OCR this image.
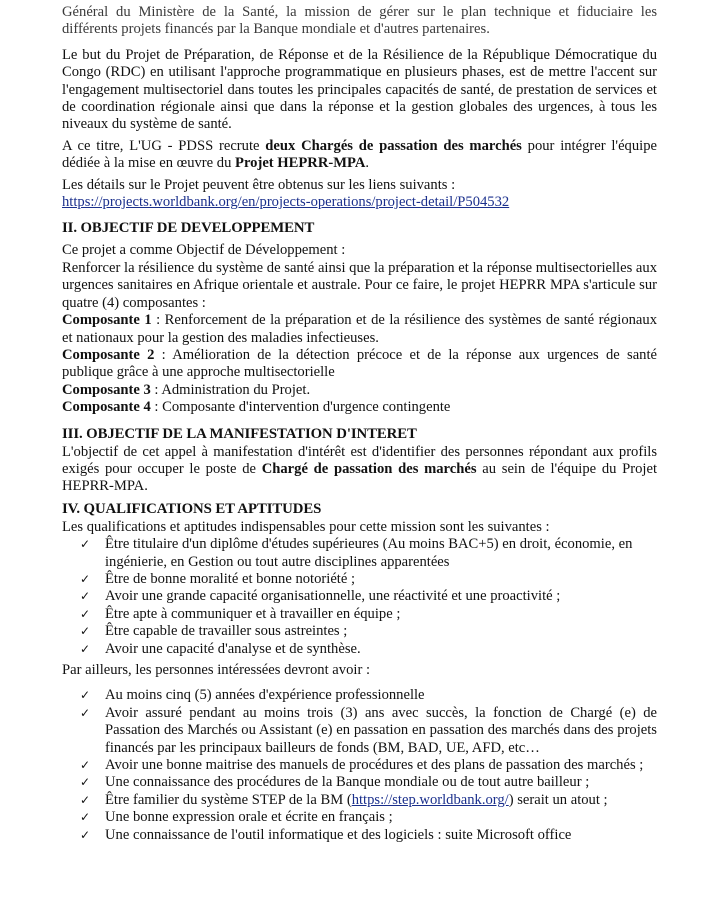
Général du Ministère de la Santé, la mission de gérer sur le plan technique et fiduciaire les

différents projets financés par la Banque mondiale et d'autres partenaires.

Le but du Projet de Préparation, de Réponse et de la Résilience de la République Démocratique du Congo (RDC) en utilisant l'approche programmatique en plusieurs phases, est de mettre l'accent sur l'engagement multisectoriel dans toutes les principales capacités de santé, de prestation de services et de coordination régionale ainsi que dans la réponse et la gestion globales des urgences, à tous les niveaux du système de santé.

A ce titre, L'UG - PDSS recrute deux Chargés de passation des marchés pour intégrer l'équipe dédiée à la mise en œuvre du Projet HEPRR-MPA.

Les détails sur le Projet peuvent être obtenus sur les liens suivants :

https://projects.worldbank.org/en/projects-operations/project-detail/P504532

II. OBJECTIF DE DEVELOPPEMENT

Ce projet a comme Objectif de Développement :

Renforcer la résilience du système de santé ainsi que la préparation et la réponse multisectorielles aux urgences sanitaires en Afrique orientale et australe. Pour ce faire, le projet HEPRR MPA s'articule sur quatre (4) composantes :

Composante 1 : Renforcement de la préparation et de la résilience des systèmes de santé régionaux et nationaux pour la gestion des maladies infectieuses.

Composante 2 : Amélioration de la détection précoce et de la réponse aux urgences de santé publique grâce à une approche multisectorielle

Composante 3 : Administration du Projet.

Composante 4 : Composante d'intervention d'urgence contingente

III. OBJECTIF DE LA MANIFESTATION D'INTERET

L'objectif de cet appel à manifestation d'intérêt est d'identifier des personnes répondant aux profils exigés pour occuper le poste de Chargé de passation des marchés au sein de l'équipe du Projet HEPRR-MPA.

IV. QUALIFICATIONS ET APTITUDES

Les qualifications et aptitudes indispensables pour cette mission sont les suivantes :

✓ Être titulaire d'un diplôme d'études supérieures (Au moins BAC+5) en droit, économie, en ingénierie, en Gestion ou tout autre disciplines apparentées
✓ Être de bonne moralité et bonne notoriété ;
✓ Avoir une grande capacité organisationnelle, une réactivité et une proactivité ;
✓ Être apte à communiquer et à travailler en équipe ;
✓ Être capable de travailler sous astreintes ;
✓ Avoir une capacité d'analyse et de synthèse.

Par ailleurs, les personnes intéressées devront avoir :

✓ Au moins cinq (5) années d'expérience professionnelle
✓ Avoir assuré pendant au moins trois (3) ans avec succès, la fonction de Chargé (e) de Passation des Marchés ou Assistant (e) en passation en passation des marchés dans des projets financés par les principaux bailleurs de fonds (BM, BAD, UE, AFD, etc…
✓ Avoir une bonne maitrise des manuels de procédures et des plans de passation des marchés ;
✓ Une connaissance des procédures de la Banque mondiale ou de tout autre bailleur ;
✓ Être familier du système STEP de la BM (https://step.worldbank.org/) serait un atout ;
✓ Une bonne expression orale et écrite en français ;
✓ Une connaissance de l'outil informatique et des logiciels : suite Microsoft office
